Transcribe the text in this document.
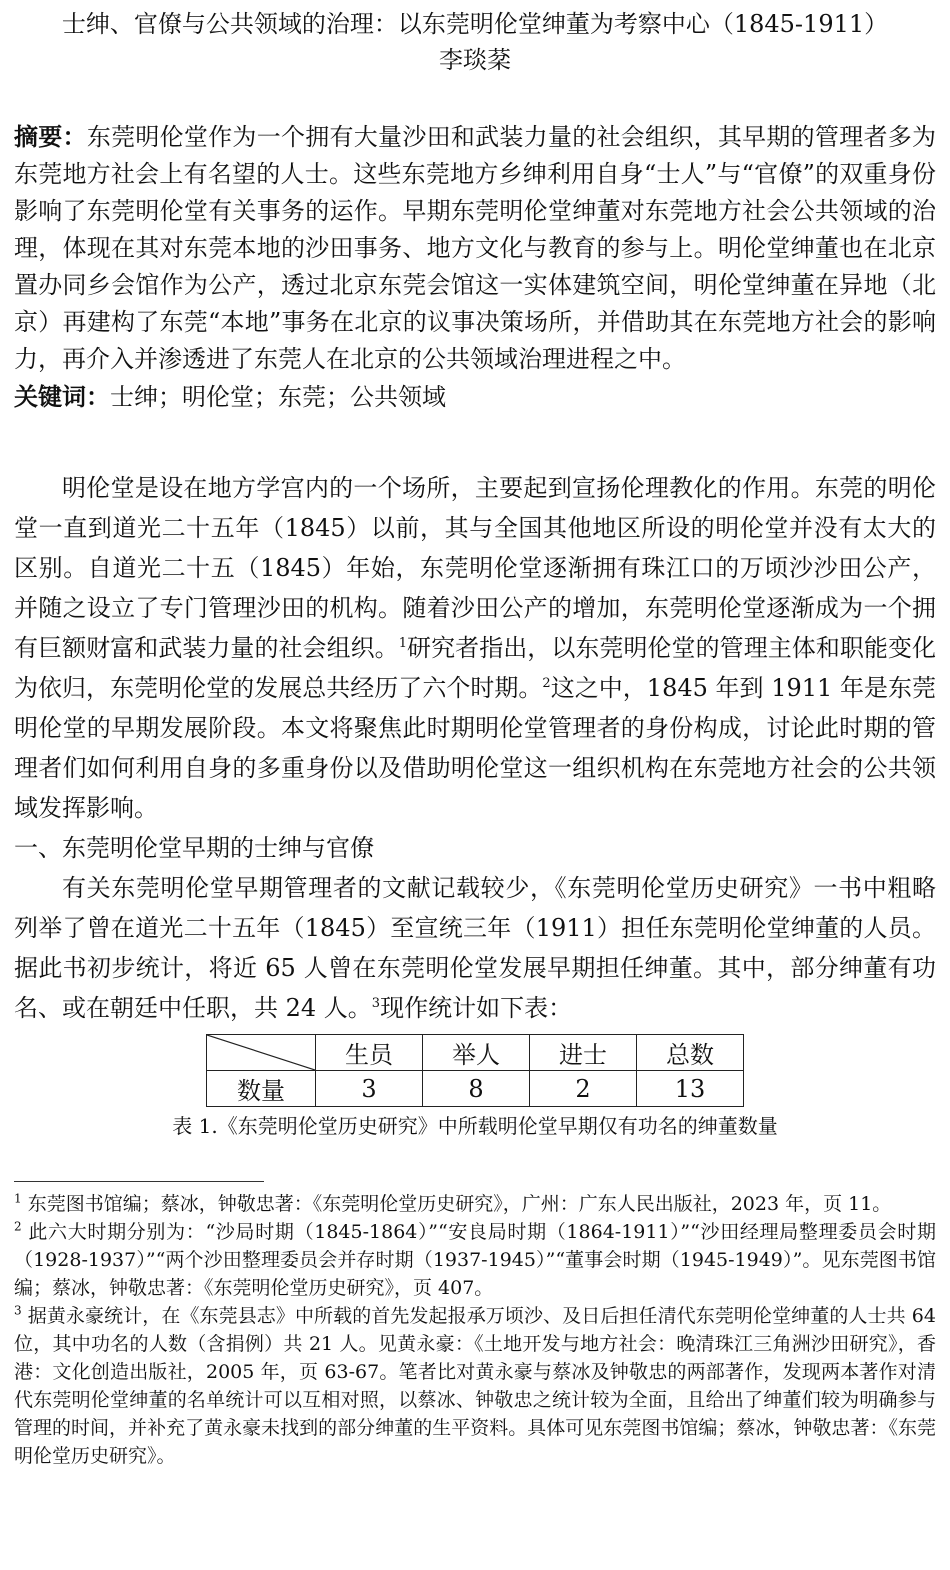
士绅、官僚与公共领域的治理：以东莞明伦堂绅董为考察中心（1845-1911）
李琰棻

摘要：东莞明伦堂作为一个拥有大量沙田和武装力量的社会组织，其早期的管理者多为东莞地方社会上有名望的人士。这些东莞地方乡绅利用自身“士人”与“官僚”的双重身份影响了东莞明伦堂有关事务的运作。早期东莞明伦堂绅董对东莞地方社会公共领域的治理，体现在其对东莞本地的沙田事务、地方文化与教育的参与上。明伦堂绅董也在北京置办同乡会馆作为公产，透过北京东莞会馆这一实体建筑空间，明伦堂绅董在异地（北京）再建构了东莞“本地”事务在北京的议事决策场所，并借助其在东莞地方社会的影响力，再介入并渗透进了东莞人在北京的公共领域治理进程之中。

关键词：士绅；明伦堂；东莞；公共领域

明伦堂是设在地方学宫内的一个场所，主要起到宣扬伦理教化的作用。东莞的明伦堂一直到道光二十五年（1845）以前，其与全国其他地区所设的明伦堂并没有太大的区别。自道光二十五（1845）年始，东莞明伦堂逐渐拥有珠江口的万顷沙沙田公产，并随之设立了专门管理沙田的机构。随着沙田公产的增加，东莞明伦堂逐渐成为一个拥有巨额财富和武装力量的社会组织。$^1$研究者指出，以东莞明伦堂的管理主体和职能变化为依归，东莞明伦堂的发展总共经历了六个时期。$^2$这之中，1845 年到 1911 年是东莞明伦堂的早期发展阶段。本文将聚焦此时期明伦堂管理者的身份构成，讨论此时期的管理者们如何利用自身的多重身份以及借助明伦堂这一组织机构在东莞地方社会的公共领域发挥影响。

一、东莞明伦堂早期的士绅与官僚

有关东莞明伦堂早期管理者的文献记载较少，《东莞明伦堂历史研究》一书中粗略列举了曾在道光二十五年（1845）至宣统三年（1911）担任东莞明伦堂绅董的人员。据此书初步统计，将近 65 人曾在东莞明伦堂发展早期担任绅董。其中，部分绅董有功名、或在朝廷中任职，共 24 人。$^3$现作统计如下表：

	生员	举人	进士	总数
数量	3	8	2	13

表 1.《东莞明伦堂历史研究》中所载明伦堂早期仅有功名的绅董数量

$^1$ 东莞图书馆编；蔡冰，钟敬忠著：《东莞明伦堂历史研究》，广州：广东人民出版社，2023 年，页 11。

$^2$ 此六大时期分别为：“沙局时期（1845-1864）”“安良局时期（1864-1911）”“沙田经理局整理委员会时期（1928-1937）”“两个沙田整理委员会并存时期（1937-1945）”“董事会时期（1945-1949）”。见东莞图书馆编；蔡冰，钟敬忠著：《东莞明伦堂历史研究》，页 407。

$^3$ 据黄永豪统计，在《东莞县志》中所载的首先发起报承万顷沙、及日后担任清代东莞明伦堂绅董的人士共 64 位，其中功名的人数（含捐例）共 21 人。见黄永豪：《土地开发与地方社会：晚清珠江三角洲沙田研究》，香港：文化创造出版社，2005 年，页 63-67。笔者比对黄永豪与蔡冰及钟敬忠的两部著作，发现两本著作对清代东莞明伦堂绅董的名单统计可以互相对照，以蔡冰、钟敬忠之统计较为全面，且给出了绅董们较为明确参与管理的时间，并补充了黄永豪未找到的部分绅董的生平资料。具体可见东莞图书馆编；蔡冰，钟敬忠著：《东莞明伦堂历史研究》。
